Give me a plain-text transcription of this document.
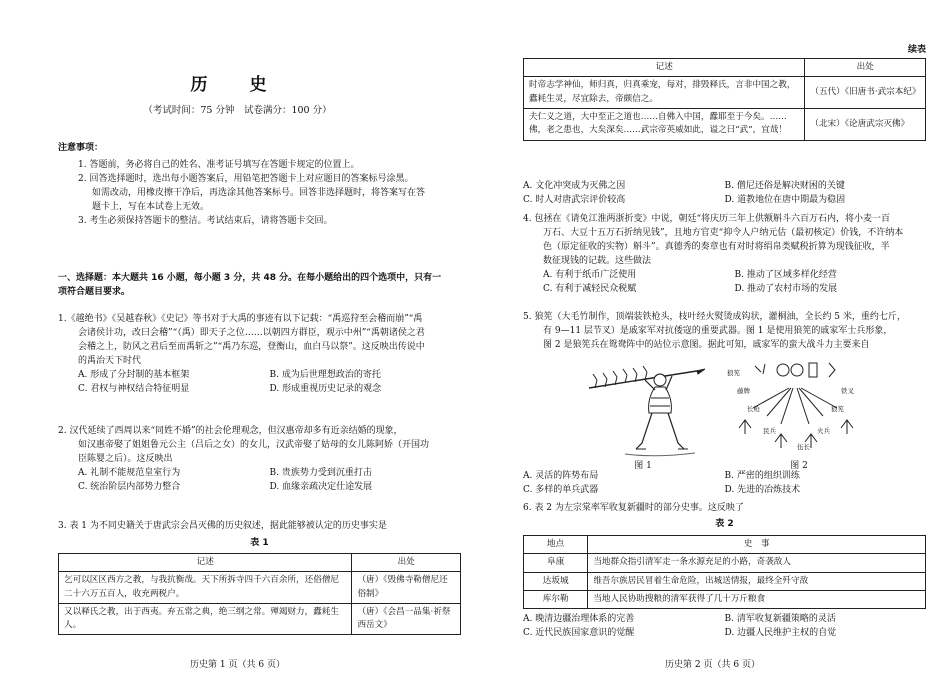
历 史
（考试时间：75 分钟　试卷满分：100 分）
注意事项：
1. 答题前，务必将自己的姓名、准考证号填写在答题卡规定的位置上。
2. 回答选择题时，选出每小题答案后，用铅笔把答题卡上对应题目的答案标号涂黑。
如需改动，用橡皮擦干净后，再选涂其他答案标号。回答非选择题时，将答案写在答
题卡上，写在本试卷上无效。
3. 考生必须保持答题卡的整洁。考试结束后，请将答题卡交回。
一、选择题：本大题共 16 小题，每小题 3 分，共 48 分。在每小题给出的四个选项中，只有一
项符合题目要求。
1.《越绝书》《吴越春秋》《史记》等书对于大禹的事迹有以下记载：“禹巡狩至会稽而崩”“禹
会诸侯计功，改曰会稽”“（禹）即天子之位……以朝四方群臣，观示中州”“禹朝诸侯之君
会稽之上，防风之君后至而禹斩之”“禹乃东巡，登衡山，血白马以祭”。这反映出传说中
的禹治天下时代
A. 形成了分封制的基本框架	B. 成为后世理想政治的寄托
C. 君权与神权结合特征明显	D. 形成重视历史记录的观念
2. 汉代延续了西周以来“同姓不婚”的社会伦理观念，但汉惠帝却多有近亲结婚的现象，
如汉惠帝娶了姐姐鲁元公主（吕后之女）的女儿，汉武帝娶了姑母的女儿陈阿娇（开国功
臣陈婴之后）。这反映出
A. 礼制不能规范皇室行为	B. 贵族势力受到沉重打击
C. 统治阶层内部势力整合	D. 血缘亲疏决定仕途发展
3. 表 1 为不同史籍关于唐武宗会昌灭佛的历史叙述，据此能够被认定的历史事实是
表 1
记述	出处
乞可以区区西方之教，与我抗衡哉。天下所拆寺四千六百余所，还俗僧尼二十六万五百人，收充两税户。	（唐）《毁佛寺勒僧尼还俗制》
又以释氏之教，出于西夷。弃五常之典，绝三纲之常。殚竭财力，蠹耗生人。	（唐）《会昌一品集·祈祭西岳文》
历史第 1 页（共 6 页）
续表
记述	出处
时帝志学神仙，师归真，归真乘宠，每对，排毁释氏，言非中国之教，蠹耗生灵，尽宜除去，帝颇信之。	（五代）《旧唐书·武宗本纪》
夫仁义之道，大中至正之道也……自佛入中国，蠹耶至于今矣。……佛，老之患也，大矣深矣……武宗帝英威如此，谥之曰“武”，宜哉！	（北宋）《论唐武宗灭佛》
A. 文化冲突成为灭佛之因	B. 僧尼还俗是解决财困的关键
C. 时人对唐武宗评价较高	D. 道教地位在唐中期最为稳固
4. 包拯在《请免江淮两浙折变》中说，朝廷“将庆历三年上供额斛斗六百万石内，将小麦一百
万石、大豆十五万石折纳见钱”，且地方官吏“抑令人户纳元估（最初核定）价钱，不许纳本
色（原定征收的实物）斛斗”。真德秀的奏章也有对时将绢帛类赋税折算为现钱征收，半
数征现钱的记载。这些做法
A. 有利于纸币广泛使用	B. 推动了区域多样化经营
C. 有利于减轻民众税赋	D. 推动了农村市场的发展
5. 狼筅（大毛竹制作，顶端装铁枪头，枝叶经火熨烫成钩状，灌桐油，全长约 5 米，重约七斤，
有 9—11 层节叉）是戚家军对抗倭寇的重要武器。图 1 是使用狼筅的戚家军士兵形象，
图 2 是狼筅兵在鸳鸯阵中的站位示意图。据此可知，戚家军的蛮大战斗力主要来自
图 1
狼筅
藤牌
长枪
民兵
伍长
火兵
狼筅
铁叉
图 2
A. 灵活的阵势布局	B. 严密的组织训练
C. 多样的单兵武器	D. 先进的冶炼技术
6. 表 2 为左宗棠率军收复新疆时的部分史事。这反映了
表 2
地点	史　事
阜康	当地群众指引清军走一条水源充足的小路，奇袭敌人
达坂城	维吾尔族居民冒着生命危险，出城送情报，最终全歼守敌
库尔勒	当地人民协助搜粮的清军获得了几十万斤粮食
A. 晚清边疆治理体系的完善	B. 清军收复新疆策略的灵活
C. 近代民族国家意识的觉醒	D. 边疆人民维护主权的自觉
历史第 2 页（共 6 页）
